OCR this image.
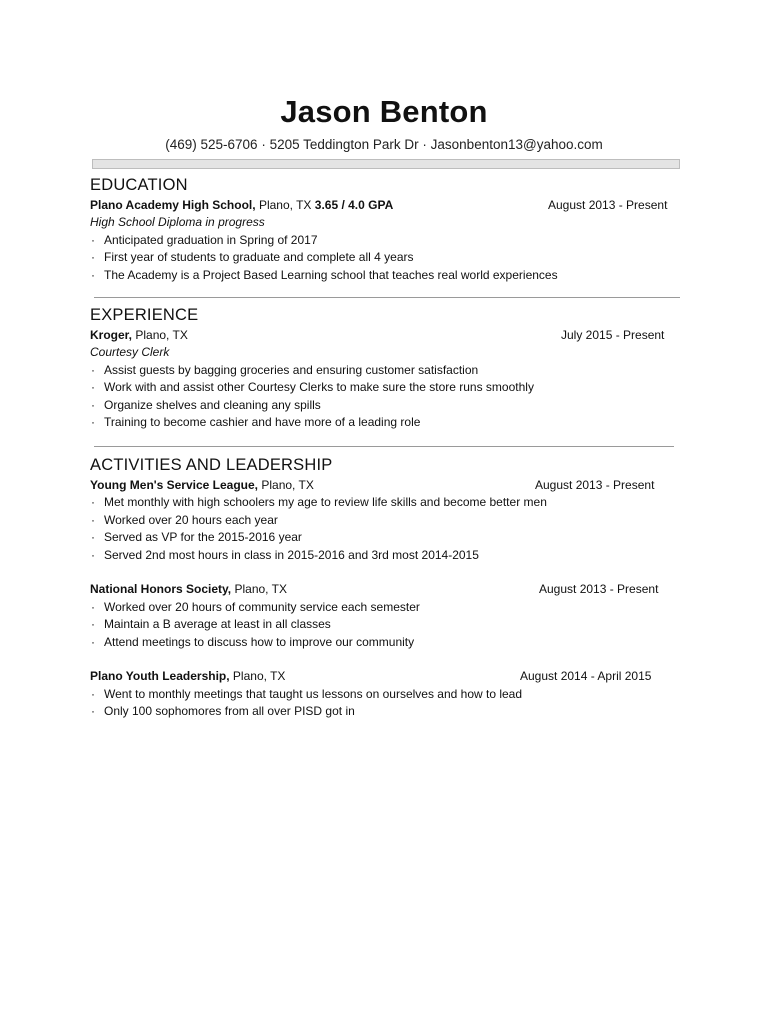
Jason Benton
(469) 525-6706 · 5205 Teddington Park Dr · Jasonbenton13@yahoo.com
EDUCATION
Plano Academy High School, Plano, TX 3.65 / 4.0 GPA	August 2013 - Present
High School Diploma in progress
· Anticipated graduation in Spring of 2017
· First year of students to graduate and complete all 4 years
· The Academy is a Project Based Learning school that teaches real world experiences
EXPERIENCE
Kroger, Plano, TX	July 2015 - Present
Courtesy Clerk
· Assist guests by bagging groceries and ensuring customer satisfaction
· Work with and assist other Courtesy Clerks to make sure the store runs smoothly
· Organize shelves and cleaning any spills
· Training to become cashier and have more of a leading role
ACTIVITIES AND LEADERSHIP
Young Men's Service League, Plano, TX	August 2013 - Present
· Met monthly with high schoolers my age to review life skills and become better men
· Worked over 20 hours each year
· Served as VP for the 2015-2016 year
· Served 2nd most hours in class in 2015-2016 and 3rd most 2014-2015
National Honors Society, Plano, TX	August 2013 - Present
· Worked over 20 hours of community service each semester
· Maintain a B average at least in all classes
· Attend meetings to discuss how to improve our community
Plano Youth Leadership, Plano, TX	August 2014 - April 2015
· Went to monthly meetings that taught us lessons on ourselves and how to lead
· Only 100 sophomores from all over PISD got in
